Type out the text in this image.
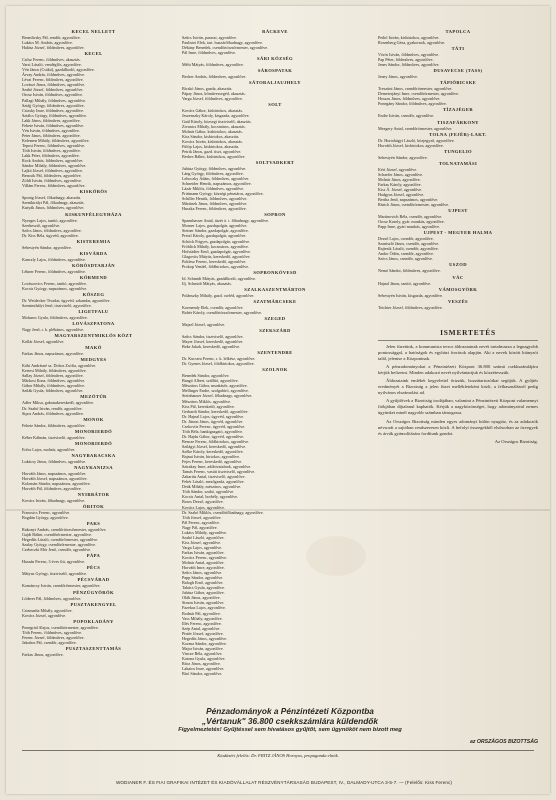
KECEL NELLETT
Benedicsky Pál, rendőr, agyonlőve.
Lukács M. András, agyonlőve.
Halász József, földműves, agyonlőve.
KECEL
Csősz Ferenc, földműves, akasztás.
Varsi László, vendéglős, agyonlőve.
Vén János (Csákó), gazdálkodó, agyonlőve.
Árvay András, földműves, agyonlőve.
Lévai Ferenc, földműves, agyonlőve.
Lovászi János, földműves, agyonlőve.
Szabó József, földműves, agyonlőve.
Orosz István, földműves, agyonlőve.
Pallagi Mihály, földműves, agyonlőve.
Sztájj György, földműves, agyonlőve.
Csizsky Imre, földműves, agyonlőve.
Sztálcs György, földműves, agyonlőve.
Lakk János, földműves, agyonlőve.
Fekete István, földműves, agyonlőve.
Vén István, földműves, agyonlőve.
Peter János, földműves, agyonlőve.
Kelemen Mihály, földműves, agyonlőve.
Teposi Ferenc, földműves, agyonlőve.
Tóth István, földműves, agyonlőve.
Lakk Péter, földműves, agyonlőve.
Rock András, földműves, agyonlőve.
Sándor Mihály, földműves, agyonlőve.
Lajkó József, földműves, agyonlőve.
Bencsik Pál, földműves, agyonlőve.
Zöldi István, földműves, agyonlőve.
Villám Ferenc, földműves, agyonlőve.
KISKŐRÖS
Sponig József, főkadnagy, akasztás.
Szentkirályi Pál, főkadnagy, akasztás.
Kutyák János, földműves, agyonlőve.
KISKUNFÉLEGYHÁZA
Nyerges Lajos, tanító, agyonlőve.
Szerkesztő, agyonlőve.
Szőcs János, földműves, agyonlőve.
Dr. Kiss Béla, ügyvéd, agyonlőve.
KISTEREMIA
Sebestyén Sándor, agyonlőve.
KISVÁRDA
Kanczly Lajos, földműves, agyonlőve.
KÖRÖSDTARJÁN
Lékner Ferenc, földműves, agyonlőve.
KŐRMEND
Lovászovics Ferenc, tanító, agyonlőve.
Kocsis György, napszámos, agyonlőve.
KŐSZEG
Dr. Weidecker Tivadar, ügyvéd, szkandar, agyonlőve.
Szentmihályi Jenő, tisztviselő, agyonlőve.
LIGETFALU
Moharos Gyula, földműves, agyonlőve.
LOVÁSZPATONA
Nagy Jenő, r. k. plébános, agyonlőve.
MAGYARSZENTMIKLÓS KÖZT
Kollár József, agyonlőve.
MAKÓ
Farkas János, napszámos, agyonlőve.
MEDGYES
Kóbi Andrásné sz. Dobos Zsófia, agyonlőve.
Kertesi Mihály, földműves, agyonlőve.
Sallay József, földműves, agyonlőve.
Márkosi Ilona, földműves, agyonlőve.
Gábor Mihály, földműves, agyonlőve.
Szilák Gyula, földműves, agyonlőve.
MEZŐTÚR
Adler Miksa, gabonakereskedő, agyonlőve.
Dr. Szabó István, rendőr, agyonlőve.
Sipos András, földműves, agyonlőve.
MONOK
Fekete Sándor, földműves, agyonlőve.
MONORIERDŐ
Kéber Kálmán, tisztviselő, agyonlőve.
MONORIERDŐ
Erőss Lajos, molnár, agyonlőve.
NAGYBARACSKA
Lukácsy János, földműves, agyonlőve.
NAGYKANIZSA
Horváth János, napszámos, agyonlőve.
Horváth József, napszámos, agyonlőve.
Kolomán Sándor, napszámos, agyonlőve.
Horváth Pál, földműves, agyonlőve.
NYIRBÁTOR
Kovács István, főkadnagy, agyonlőve.
ÖRITOK
Francsics Ferenc, agyonlőve.
Bogdán György, agyonlőve.
PAKS
Rakonyi András, csendőrtörzsőrmester, agyonlőve.
Gajdi Bálint, csendőrőrmester, agyonlőve.
Hegedűs László, csendőrőrmester, agyonlőve.
Szalay György, csendőrőrmester, agyonlőve.
Czebeczki Mór Jenő, csendőr, agyonlőve.
PÁPA
Haszán Ferenc, 3 éves fiú, agyonlőve.
PÉCS
Mátyus György, tisztviselő, agyonlőve.
PÉCSVÁRAD
Kománcsy István, csendőrőrmester, agyonlőve.
PÉNZÜGYŐRÖK
Lőderer Pál, földműves, agyonlőve.
PUSZTAKENGYEL
Csizmadia Mihály, agyonlőve.
Kovács József, agyonlőve.
POPOKLADÁNY
Ponegrád Alajos, csendőrörmester, agyonlőve.
Tóth Ferenc, földműves, agyonlőve.
Ferenc József, földműves, agyonlőve.
Jakubos Pál, csendőr, agyonlőve.
PUSZTASZENTTAMÁS
Farkas János, agyonlőve.
RÁCKEVE
Szűcs István, paraszt, agyonlőve.
Paulistei Elek, tart. huszárfőhadnagy, agyonlőve.
Dékány Benedek, csendőrtörzsőrmester, agyonlőve.
Pál Imre, földműves, agyonlőve.
SÁRI KŐZSÉG
Méhi Mátyás, földműves, agyonlőve.
SÁROSPATAK
Becker András, földműves, agyonlőve.
SÁTORALJAUJHELY
Bicskó János, gazda, akasztás.
Pápay János, kőművessegéd, akasztás.
Varga József, földműves, agyonlőve.
SOLT
Kovács Gábor, kisbirtokos, akasztás.
Jeszenszky Károly, kisgazda, agyonlőve.
Gaál Károly, közsegi tisztviselő, akasztás.
Zivanics Mihály, kocsmáros, akasztás.
Molnár Gábor, kisbirtokos, akasztás.
Kiss Sándor, kisbirtokos, akasztás.
Kovács István, kisbirtokos, akasztás.
Fülöp Lajos, kisbirtokos, akasztás.
Petrik János, gazd. tiszt, agyonlőve.
Berkes Bálint, kisbirtokos, agyonlőve.
SOLTVADKERT
Juhász György, földműves, agyonlőve.
Láng György, földműves, agyonlőve.
Lehoczky Ádám, földműves, agyonlőve.
Schneider Henrik, napszámos, agyonlőve.
Lázár Miklós, földműves, agyonlőve.
Prittmann György, községi pénztáros, agyonlőve.
Schiller Henrik, földműves, agyonlőve.
Mártinek János, földműves, agyonlőve.
Huszka Ferenc, földműves, agyonlőve.
SOPRON
Spannhasser Antal, tüzér ö. t. főhadnagy, agyonlőve.
Mosner Lajos, gazdapolgár, agyonlőve.
Steiner Sándor, gazdapolgár, agyonlőve.
Pretzl Károly, gazdapolgár, agyonlőve.
Schöck Frigyes, gazdapolgár, agyonlőve.
Fröhlich Mihály, kocsmáros, agyonlőve.
Hofstädter Ernő, gazdapolgár, agyonlőve.
Glagovits Mátyás, kereskedő, agyonlőve.
Poklesz Ferenc, kereskedő, agyonlőve.
Prokop Vendel, földbirtokos, agyonlőve.
SOPRONKÖVESD
Id. Schmidt Mátyás, gazdálkodó, agyonlőve.
Ifj. Schmidt Mátyás, akasztás.
SZALKASZENTMÁRTON
Polánszky Mihály, gazd. cseléd, agyonlőve.
SZATMÁRCSEKE
Kormendy Elek, csendőr, agyonlőve.
Bohér Károly, csendőrtörzsőrmester, agyonlőve.
SZEGED
Majzel József, agyonlőve.
SZEKSZÁRD
Szűcs Sándor, tisztviselő, agyonlőve.
Mayer József, kereskedő, agyonlőve.
Beke Jakab, kereskedő, agyonlőve.
SZENTENDRE
Dr. Kucsera Ferenc, r. k. lelkész, agyonlőve.
Dr. Gyenes József, földbirtokos, agyonlőve.
SZOLNOK
Benedek Sándor, agyonlőve.
Bangó Albert, szállító, agyonlőve.
Mészáros Gábor, munkásőr, agyonlőve.
Mellinger Endre, szolgabíró, agyonlőve.
Steinhauser József, főhadnagy, agyonlőve.
Mészáros Miklós, agyonlőve.
Kiss Pál, kereskedő, agyonlőve.
Gerhardt Sándor, kereskedő, agyonlőve.
Dr. Hajnal Lajos, ügyvéd, agyonlőve.
Dr. Jánosi János, ügyvéd, agyonlőve.
Csekovits Ferenc, ügyvéd, agyonlőve.
Tóth Béla, bankigazgató, agyonlőve.
Dr. Hajdu Gábor, ügyvéd, agyonlőve.
Bencze Ferenc, földbirtokos, agyonlőve.
Szilágyi József, kereskedő, agyonlőve.
Szőke Károly, kereskedő, agyonlőve.
Bajnai István, birtokos, agyonlőve.
Fejes Ferenc, kereskedő, agyonlőve.
Sztrakay Imre, adóhivatalnok, agyonlőve.
Tamás Ferenc, vasúti tisztviselő, agyonlőve.
Zakariás Antal, tisztviselő, agyonlőve.
Fehér László, mezőgazda, agyonlőve.
Deák Mihály, mészáros, agyonlőve.
Tóth Sándor, szabó, agyonlőve.
Kocsis Antal, borbély, agyonlőve.
Boros Dezső, agyonlőve.
Kovács Lajos, agyonlőve.
Dr. Szabó Miklós, csendőrfőhadnagy, agyonlőve.
Tóth József, agyonlőve.
Pál Ferenc, agyonlőve.
Nagy Pál, agyonlőve.
Lukács Mihály, agyonlőve.
Szabó László, agyonlőve.
Kiss József, agyonlőve.
Varga Lajos, agyonlőve.
Farkas István, agyonlőve.
Kovács Ferenc, agyonlőve.
Molnár Antal, agyonlőve.
Horváth Imre, agyonlőve.
Szűcs János, agyonlőve.
Papp Sándor, agyonlőve.
Balogh Ernő, agyonlőve.
Takács Gyula, agyonlőve.
Juhász Gábor, agyonlőve.
Oláh János, agyonlőve.
Simon István, agyonlőve.
Fazekas Lajos, agyonlőve.
Bodnár Pál, agyonlőve.
Vass Mihály, agyonlőve.
Illés Ferenc, agyonlőve.
Szép Antal, agyonlőve.
Pintér József, agyonlőve.
Hegedűs János, agyonlőve.
Kozma Sándor, agyonlőve.
Major István, agyonlőve.
Vincze Béla, agyonlőve.
Katona Gyula, agyonlőve.
Rácz János, agyonlőve.
Lakatos Imre, agyonlőve.
Bíró Sándor, agyonlőve.
TAPOLCA
Pethő István, kisbirtokos, agyonlőve.
Rosenberg Géza, gyakornok, agyonlőve.
TÁTI
Vörös István, földműves, agyonlőve.
Pap Péter, földműves, agyonlőve.
Jenes Sándor, földműves, agyonlőve.
DUSAVECSE (TASS)
Jeney János, agyonlőve.
TÁPIÓBICSKE
Tresztini János, csendőrörmester, agyonlőve.
Demeterjányi Imre, csendőrörmester, agyonlőve.
Hosszu János, földműves, agyonlőve.
Ponegány Sándor, földműves, agyonlőve.
TÍZAJÉGER
Endre István, csendőr, agyonlőve.
TISZAFÁRKONY
Mezgery Antal, csendőrörmester, agyonlőve.
TOLNA (FEJÉR)-LAKT.
Dr. Hortobágyi László, közjegyző, agyonlőve.
Horváth József, kisbirtokos, agyonlőve.
TUNGELIO
Sebestyén Sándor, agyonlőve.
TOLNATAMÁSI
Kéri József, agyonlőve.
Schaefer János, agyonlőve.
Molnár János, agyonlőve.
Farkas Károly, agyonlőve.
Kiss Á. József, agyonlőve.
Hadgyas József, agyonlőve.
Bertha Jenő, napszámos, agyonlőve.
Rásich János, csendőrörmester, agyonlőve.
UJPEST
Martinovich Béla, csendőr, agyonlőve.
Orosz Karoly, gyár. munkás, agyonlőve.
Papp Imre, gyári munkás, agyonlőve.
UJPEST - MEGYER HALMA
Dezső Lajos, csendőr, agyonlőve.
Szaniszló János, csendőr, agyonlőve.
Rajtesik László, csendőr, agyonlőve.
Andor Ödön, csendőr, agyonlőve.
Szöcs János, csendőr, agyonlőve.
USZOD
Nemó Sándor, földműves, agyonlőve.
VÁC
Hajnal János, tanító, agyonlőve.
VÁMOSGYÖRK
Sebestyén István, kisgazda, agyonlőve.
VESZÉS
Teichter József, földműves, agyonlőve.
ISMERTETÉS

Jelen füzetünk, a kommunista terror áldozatainak nevét tartalmazza a legnagyobb pontossággal, a hatóságok és egyházi források alapján. Aki a nevek között hiányzót talál, jelentse a Központnak.

A pénzadományokat a Pénzintézeti Központ 36.800 számú csekkszámlájára kérjük befizetni. Minden adakozó nevét nyilvántartjuk és közzétesszük.

Áldozataink emlékét kegyelettel őrizzük, hozzátartozóikat segítjük. A gyűjtés eredményét a Bizottság a jelen füzet mellékleteként közli, a felhasználásról pedig nyilvános elszámolást ad.

A gyűjtőívek a Bizottság irodájában, valamint a Pénzintézeti Központ valamennyi fiókjában díjtalanul kaphatók. Kérjük a nagyközönséget, hogy adományaival nemes ügyünket minél nagyobb számban támogassa.

Az Országos Bizottság minden egyes adományt külön nyugtáz, és az adakozók névsorát a sajtóban rendszeresen közli. A befolyt összegekből elsősorban az özvegyek és árvák gyámolítására fordítunk gondot.

Az Országos Bizottság.

Pénzadományok a Pénzintézeti Központba
„Vértanuk" 36.800 csekkszámlára küldendők
Figyelmeztetés! Gyűjtéssel sem hivatásos gyűjtőt, sem ügynököt nem bizott meg
az ORSZÁGOS BIZOTTSÁG
Kiadásért felelős: Dr. FRITZ JÁNOS Hornyos, propaganda elnök.
WODIANER F. ÉS FIAI GRAFIKAI INTÉZET ÉS KIADÓVÁLLALAT RÉSZVÉNYTÁRSASÁG BUDAPEST, IV., DALMADY-UTCA 3-5-7. — (Felelős: Kiss Ferenc)
